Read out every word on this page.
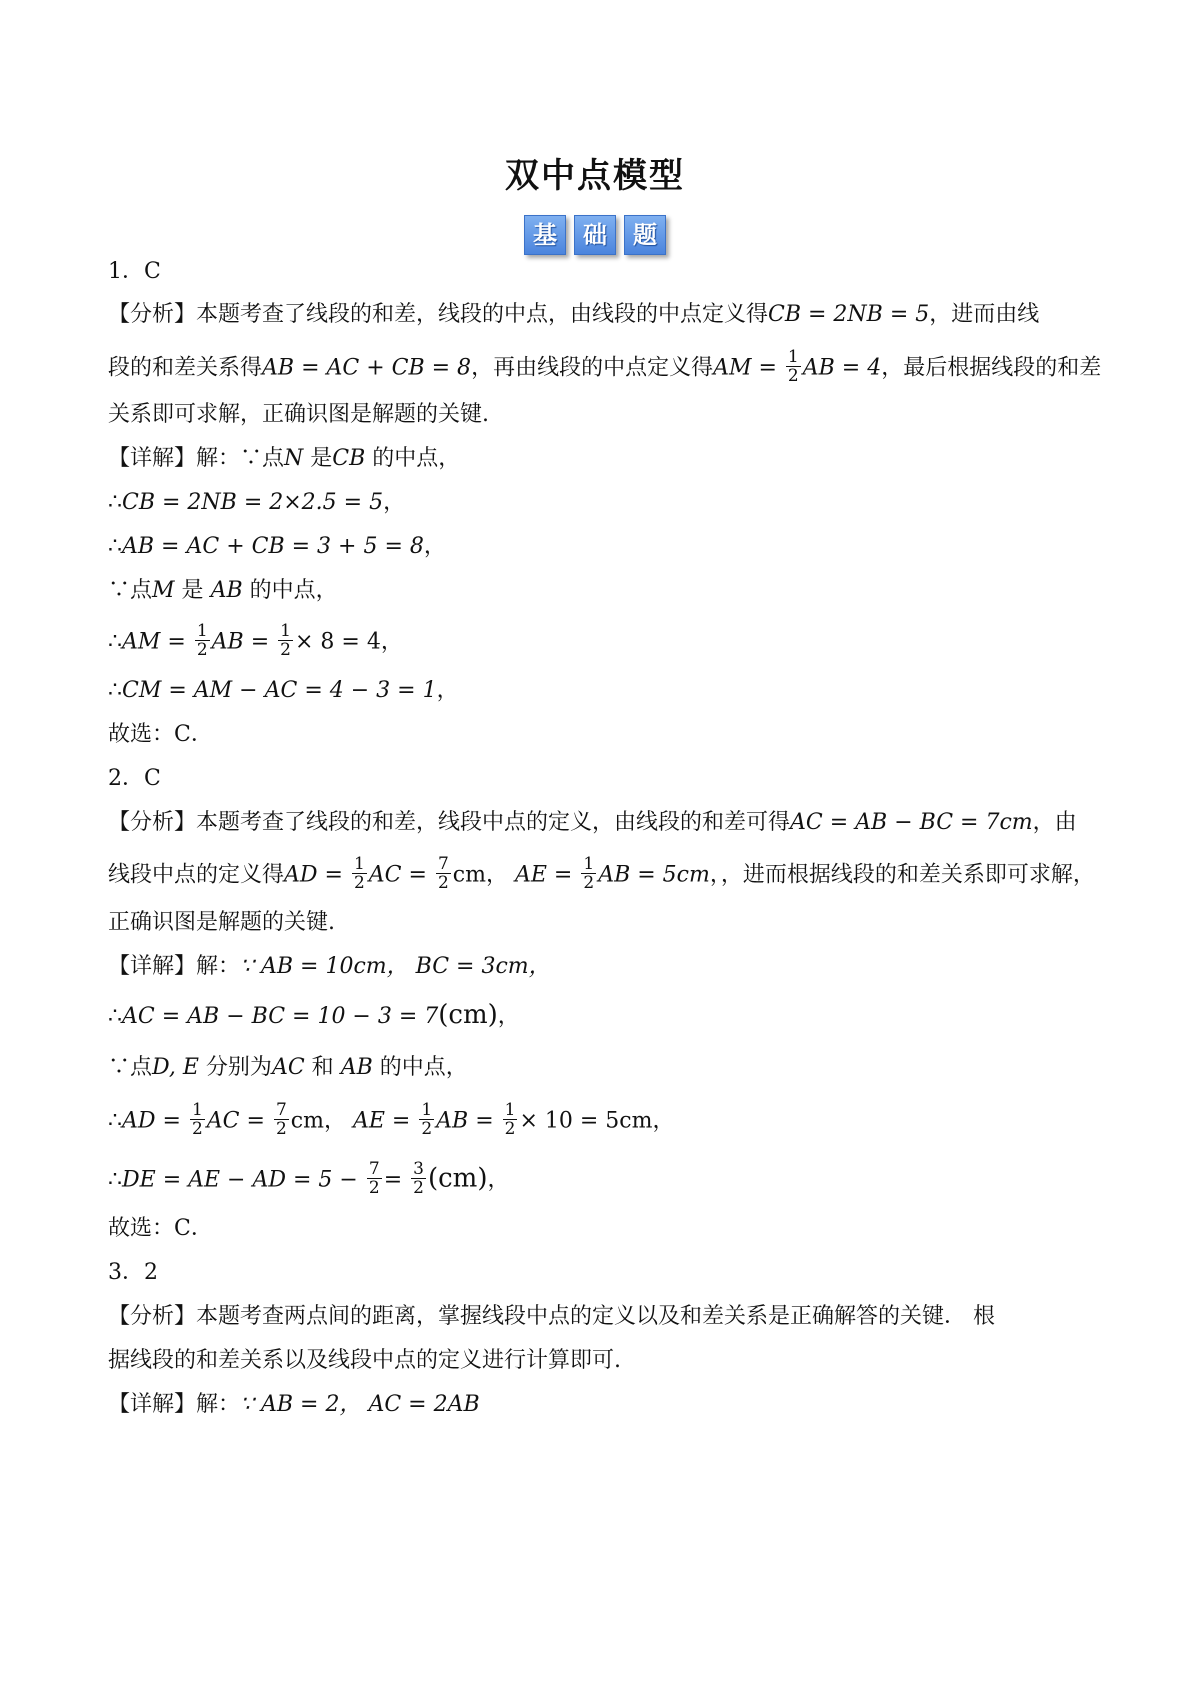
双中点模型
基	础	题
1．C
【分析】本题考查了线段的和差，线段的中点，由线段的中点定义得CB = 2NB = 5，进而由线
段的和差关系得AB = AC + CB = 8，再由线段的中点定义得AM = $\frac{1}{2}$ AB = 4，最后根据线段的和差
关系即可求解，正确识图是解题的关键.
【详解】解：∵点N 是CB 的中点，
∴CB = 2NB = 2×2.5 = 5，
∴AB = AC + CB = 3 + 5 = 8，
∵点M 是 AB 的中点，
∴AM = $\frac{1}{2}$ AB = $\frac{1}{2} \times 8 = 4$，
∴CM = AM − AC = 4 − 3 = 1，
故选：C．
2．C
【分析】本题考查了线段的和差，线段中点的定义，由线段的和差可得AC = AB − BC = 7cm，由
线段中点的定义得AD = $\frac{1}{2}$ AC = $\frac{7}{2}$ cm， AE = $\frac{1}{2}$ AB = 5cm，，进而根据线段的和差关系即可求解，
正确识图是解题的关键.
【详解】解：∵ AB = 10cm， BC = 3cm，
∴AC = AB − BC = 10 − 3 = 7(cm)，
∵点D, E 分别为AC 和 AB 的中点，
∴AD = $\frac{1}{2}$ AC = $\frac{7}{2}$ cm， AE = $\frac{1}{2}$ AB = $\frac{1}{2} \times 10 = 5cm$，
∴DE = AE − AD = $5 - \frac{7}{2} = \frac{3}{2} (cm)$，
故选：C．
3．2
【分析】本题考查两点间的距离，掌握线段中点的定义以及和差关系是正确解答的关键． 根
据线段的和差关系以及线段中点的定义进行计算即可.
【详解】解：∵ AB = 2， AC = 2AB
